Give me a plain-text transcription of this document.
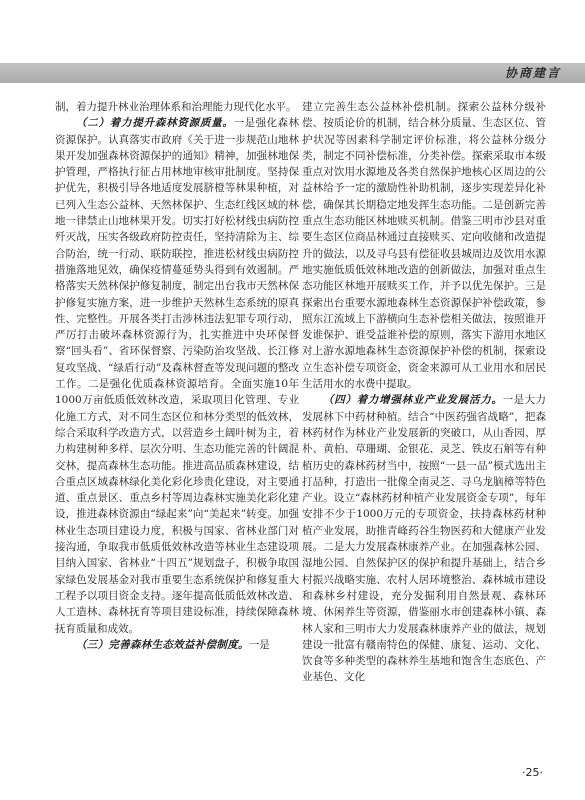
协商建言

制，着力提升林业治理体系和治理能力现代化水平。

（二）着力提升森林资源质量。一是强化森林资源保护。认真落实市政府《关于进一步规范山地林果开发加强森林资源保护的通知》精神，加强林地保护管理，严格执行征占用林地审核审批制度。坚持保护优先，积极引导各地适度发展脐橙等林果种植，对已列入生态公益林、天然林保护、生态红线区域的林地一律禁止山地林果开发。切实打好松材线虫病防控歼灭战，压实各级政府防控责任，坚持清除为主、综合防治，统一行动、联防联控，推进松材线虫病防控措施落地见效，确保疫情蔓延势头得到有效遏制。严格落实天然林保护修复制度，制定出台我市天然林保护修复实施方案，进一步维护天然林生态系统的原真性、完整性。开展各类打击涉林违法犯罪专项行动，严厉打击破坏森林资源行为，扎实推进中央环保督察“回头看”、省环保督察、污染防治攻坚战、长江修复攻坚战、“绿盾行动”及森林督查等发现问题的整改工作。二是强化优质森林资源培育。全面实施10年1000万亩低质低效林改造，采取项目化管理、专业化施工方式，对不同生态区位和林分类型的低效林，综合采取科学改造方式，以营造乡土阔叶树为主，着力构建树种多样、层次分明、生态功能完善的针阔混交林，提高森林生态功能。推进高品质森林建设，结合重点区域森林绿化美化彩化珍贵化建设，对主要通道、重点景区、重点乡村等周边森林实施美化彩化建设，推进森林资源由“绿起来”向“美起来”转变。加强林业生态项目建设力度，积极与国家、省林业部门对接沟通，争取我市低质低效林改造等林业生态建设项目纳入国家、省林业“十四五”规划盘子，积极争取国家绿色发展基金对我市重要生态系统保护和修复重大工程予以项目资金支持。逐年提高低质低效林改造、人工造林、森林抚育等项目建设标准，持续保障森林抚育质量和成效。

（三）完善森林生态效益补偿制度。一是

建立完善生态公益林补偿机制。探索公益林分级补偿、按质论价的机制，结合林分质量、生态区位、管护状况等因素科学制定评价标准，将公益林分级分类，制定不同补偿标准，分类补偿。探索采取市本级重点对饮用水源地及各类自然保护地核心区周边的公益林给予一定的激励性补助机制，逐步实现差异化补偿，确保其长期稳定地发挥生态功能。二是创新完善重点生态功能区林地赎买机制。借鉴三明市沙县对重要生态区位商品林通过直接赎买、定向收储和改造提升的做法，以及寻乌县有偿征收县城周边及饮用水源地实施低质低效林地改造的创新做法，加强对重点生态功能区林地开展赎买工作，并予以优先保护。三是探索出台重要水源地森林生态资源保护补偿政策，参照东江流域上下游横向生态补偿相关做法，按照谁开发谁保护、谁受益谁补偿的原则，落实下游用水地区对上游水源地森林生态资源保护补偿的机制，探索设立生态补偿专项资金，资金来源可从工业用水和居民生活用水的水费中提取。

（四）着力增强林业产业发展活力。一是大力发展林下中药材种植。结合“中医药强省战略”，把森林药材作为林业产业发展新的突破口，从山香园、厚朴、黄柏、草珊瑚、金银花、灵芝、铁皮石斛等有种植历史的森林药材当中，按照“一县一品”模式选出主打品种，打造出一批像全南灵芝、寻乌龙脑樟等特色产业。设立“森林药材种植产业发展资金专项”，每年安排不少于1000万元的专项资金，扶持森林药材种植产业发展，助推青峰药谷生物医药和大健康产业发展。二是大力发展森林康养产业。在加强森林公园、湿地公园、自然保护区的保护和提升基础上，结合乡村振兴战略实施、农村人居环境整治、森林城市建设和森林乡村建设，充分发掘利用自然景观、森林环境、休闲养生等资源，借鉴丽水市创建森林小镇、森林人家和三明市大力发展森林康养产业的做法，规划建设一批富有赣南特色的保健、康复、运动、文化、饮食等多种类型的森林养生基地和饱含生态底色、产业基色、文化

·25·
